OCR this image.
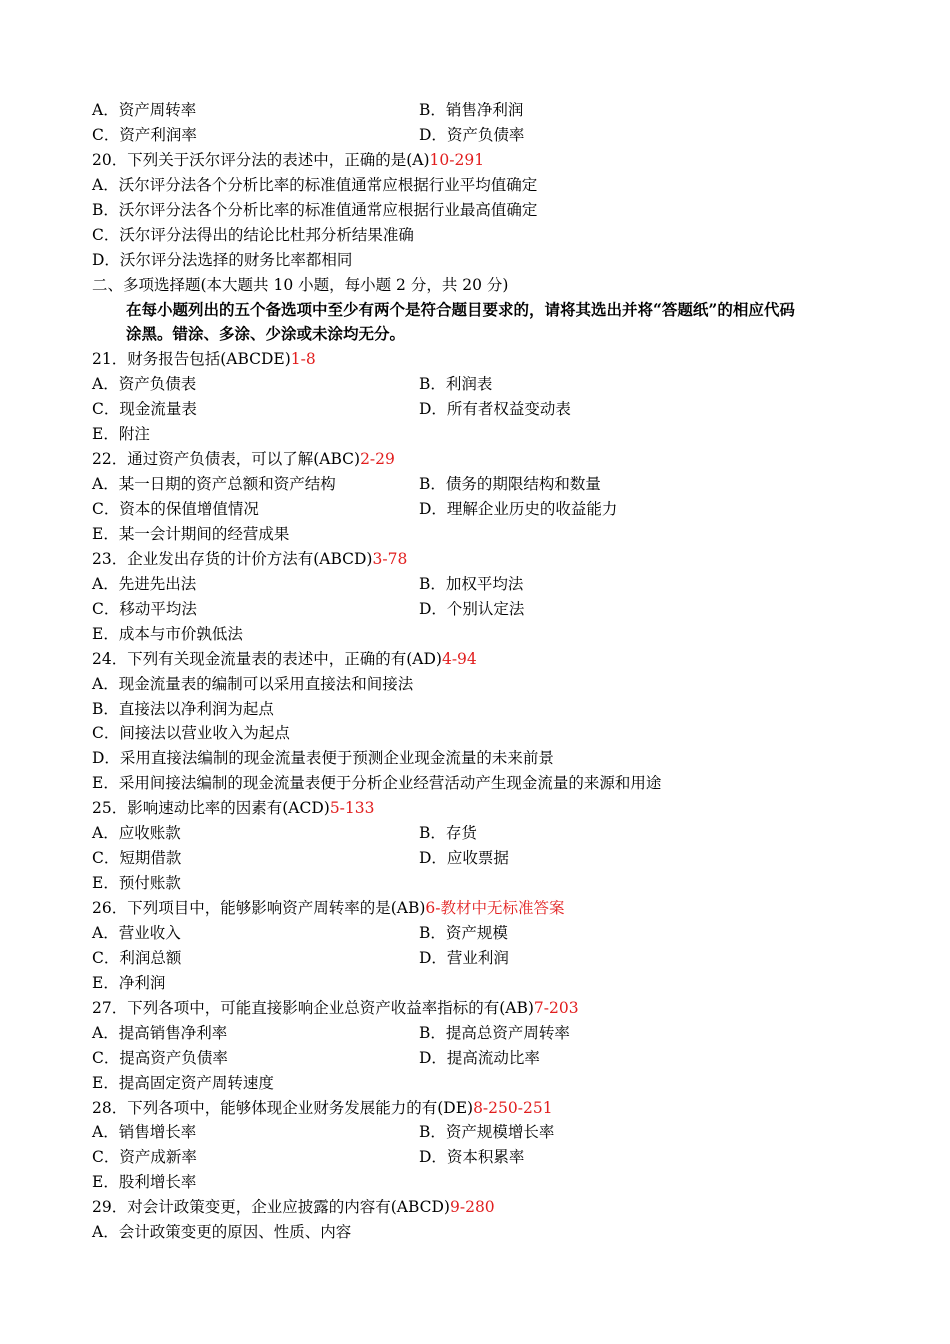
A．资产周转率	B．销售净利润
C．资产利润率	D．资产负债率
20．下列关于沃尔评分法的表述中，正确的是(A)10-291
A．沃尔评分法各个分析比率的标准值通常应根据行业平均值确定
B．沃尔评分法各个分析比率的标准值通常应根据行业最高值确定
C．沃尔评分法得出的结论比杜邦分析结果准确
D．沃尔评分法选择的财务比率都相同
二、多项选择题(本大题共 10 小题，每小题 2 分，共 20 分)
在每小题列出的五个备选项中至少有两个是符合题目要求的，请将其选出并将“答题纸”的相应代码
涂黑。错涂、多涂、少涂或未涂均无分。
21．财务报告包括(ABCDE)1-8
A．资产负债表	B．利润表
C．现金流量表	D．所有者权益变动表
E．附注
22．通过资产负债表，可以了解(ABC)2-29
A．某一日期的资产总额和资产结构	B．债务的期限结构和数量
C．资本的保值增值情况	D．理解企业历史的收益能力
E．某一会计期间的经营成果
23．企业发出存货的计价方法有(ABCD)3-78
A．先进先出法	B．加权平均法
C．移动平均法	D．个别认定法
E．成本与市价孰低法
24．下列有关现金流量表的表述中，正确的有(AD)4-94
A．现金流量表的编制可以采用直接法和间接法
B．直接法以净利润为起点
C．间接法以营业收入为起点
D．采用直接法编制的现金流量表便于预测企业现金流量的未来前景
E．采用间接法编制的现金流量表便于分析企业经营活动产生现金流量的来源和用途
25．影响速动比率的因素有(ACD)5-133
A．应收账款	B．存货
C．短期借款	D．应收票据
E．预付账款
26．下列项目中，能够影响资产周转率的是(AB)6-教材中无标准答案
A．营业收入	B．资产规模
C．利润总额	D．营业利润
E．净利润
27．下列各项中，可能直接影响企业总资产收益率指标的有(AB)7-203
A．提高销售净利率	B．提高总资产周转率
C．提高资产负债率	D．提高流动比率
E．提高固定资产周转速度
28．下列各项中，能够体现企业财务发展能力的有(DE)8-250-251
A．销售增长率	B．资产规模增长率
C．资产成新率	D．资本积累率
E．股利增长率
29．对会计政策变更，企业应披露的内容有(ABCD)9-280
A．会计政策变更的原因、性质、内容
